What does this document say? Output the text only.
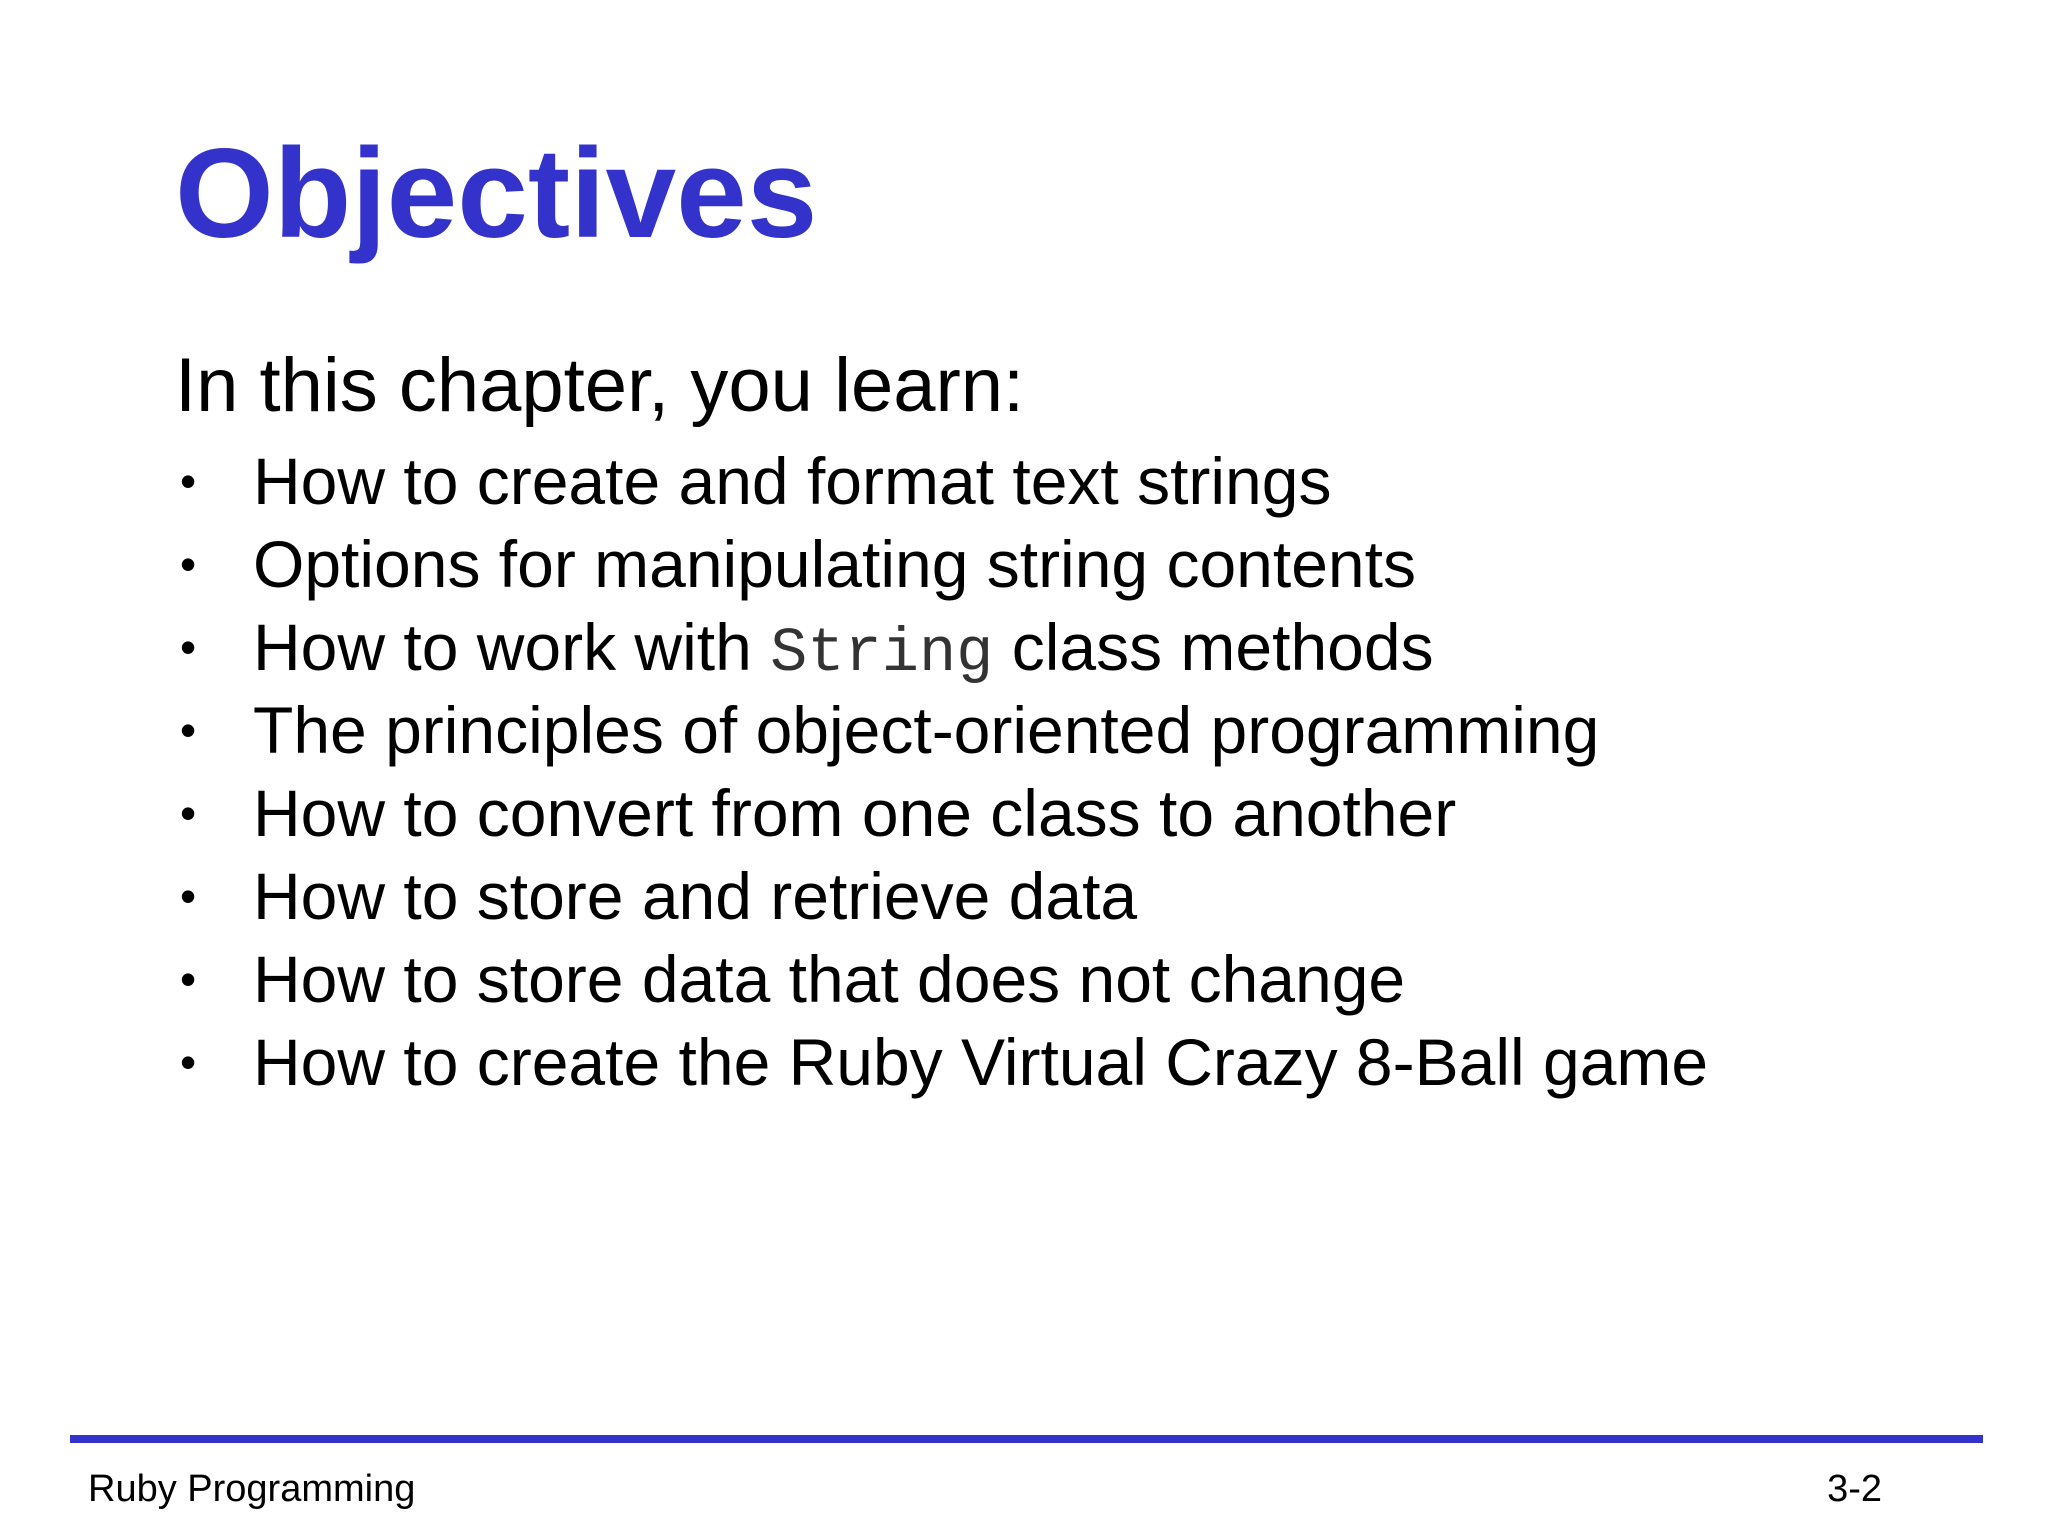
Objectives

In this chapter, you learn:

• How to create and format text strings
• Options for manipulating string contents
• How to work with String class methods
• The principles of object-oriented programming
• How to convert from one class to another
• How to store and retrieve data
• How to store data that does not change
• How to create the Ruby Virtual Crazy 8-Ball game
Ruby Programming	3-2
